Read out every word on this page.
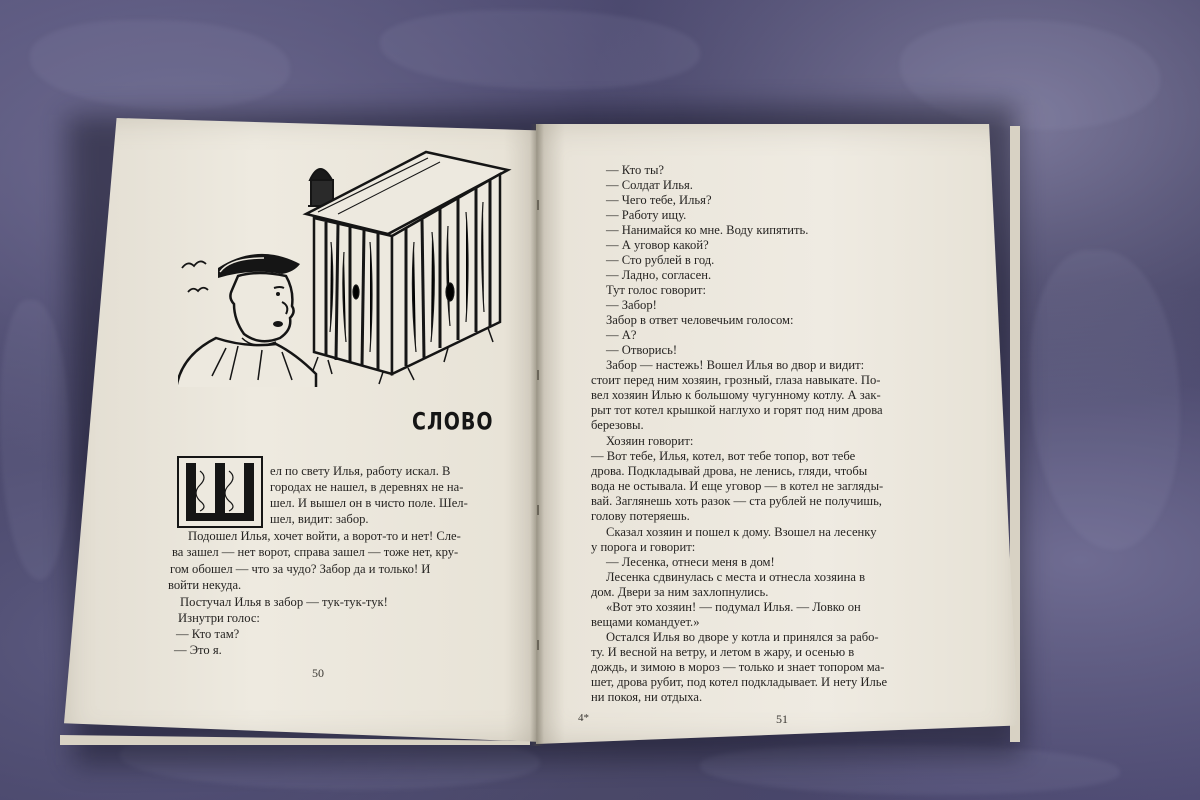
СЛОВО
ел по свету Илья, работу искал. В
городах не нашел, в деревнях не на-
шел. И вышел он в чисто поле. Шел-
шел, видит: забор.
Подошел Илья, хочет войти, а ворот-то и нет! Сле-
ва зашел — нет ворот, справа зашел — тоже нет, кру-
гом обошел — что за чудо? Забор да и только! И
войти некуда.
Постучал Илья в забор — тук-тук-тук!
Изнутри голос:
— Кто там?
— Это я.
50
— Кто ты?
— Солдат Илья.
— Чего тебе, Илья?
— Работу ищу.
— Нанимайся ко мне. Воду кипятить.
— А уговор какой?
— Сто рублей в год.
— Ладно, согласен.
Тут голос говорит:
— Забор!
Забор в ответ человечьим голосом:
— А?
— Отворись!
Забор — настежь! Вошел Илья во двор и видит:
стоит перед ним хозяин, грозный, глаза навыкате. По-
вел хозяин Илью к большому чугунному котлу. А зак-
рыт тот котел крышкой наглухо и горят под ним дрова
березовы.
Хозяин говорит:
— Вот тебе, Илья, котел, вот тебе топор, вот тебе
дрова. Подкладывай дрова, не ленись, гляди, чтобы
вода не остывала. И еще уговор — в котел не загляды-
вай. Заглянешь хоть разок — ста рублей не получишь,
голову потеряешь.
Сказал хозяин и пошел к дому. Взошел на лесенку
у порога и говорит:
— Лесенка, отнеси меня в дом!
Лесенка сдвинулась с места и отнесла хозяина в
дом. Двери за ним захлопнулись.
«Вот это хозяин! — подумал Илья. — Ловко он
вещами командует.»
Остался Илья во дворе у котла и принялся за рабо-
ту. И весной на ветру, и летом в жару, и осенью в
дождь, и зимою в мороз — только и знает топором ма-
шет, дрова рубит, под котел подкладывает. И нету Илье
ни покоя, ни отдыха.
4*	51
